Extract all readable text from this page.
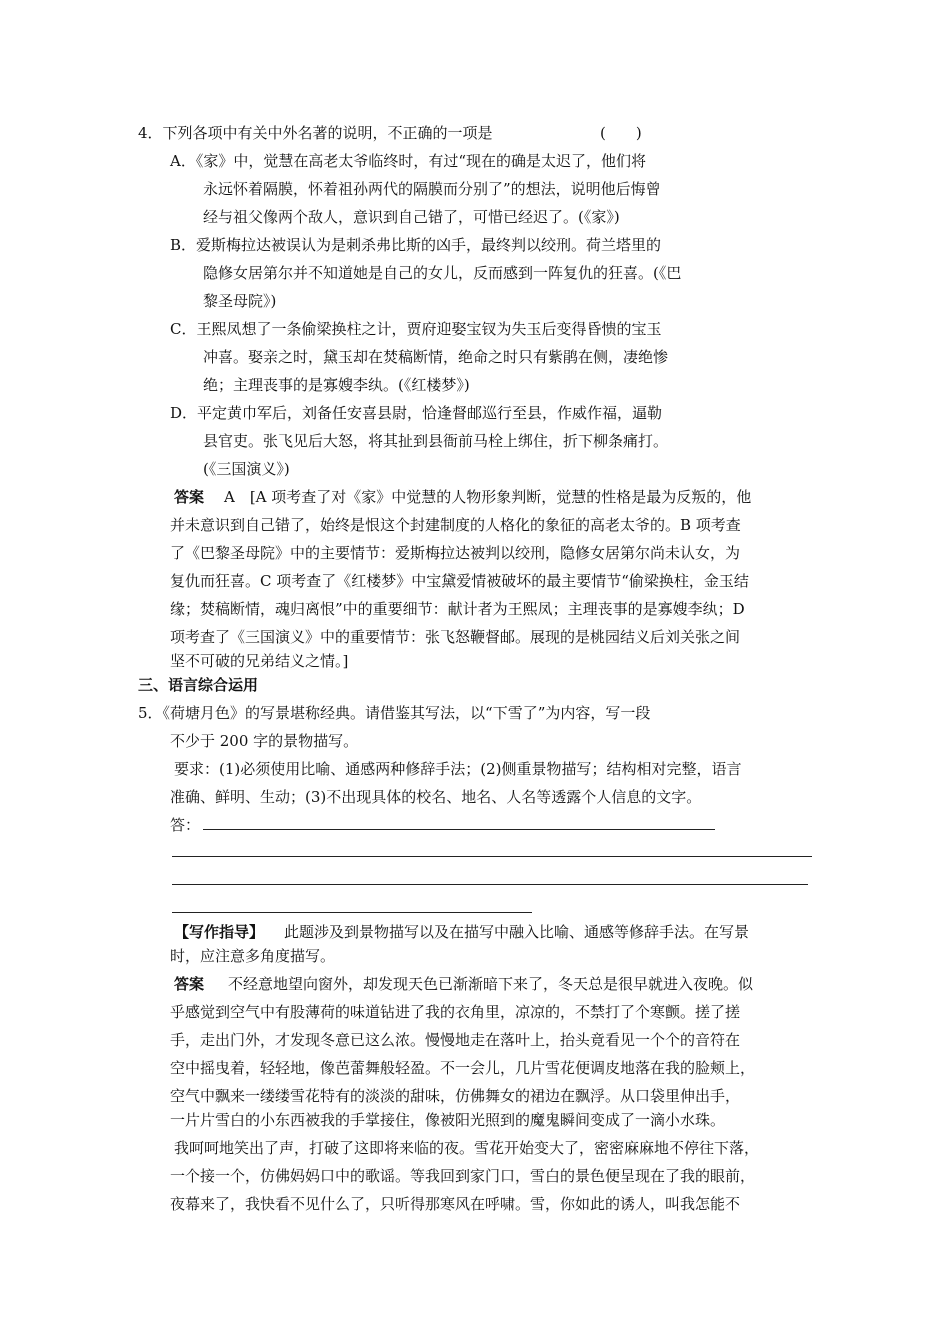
4．下列各项中有关中外名著的说明，不正确的一项是	(　　)
A．《家》中，觉慧在高老太爷临终时，有过“现在的确是太迟了，他们将
永远怀着隔膜，怀着祖孙两代的隔膜而分别了”的想法，说明他后悔曾
经与祖父像两个敌人，意识到自己错了，可惜已经迟了。(《家》)
B．爱斯梅拉达被误认为是刺杀弗比斯的凶手，最终判以绞刑。荷兰塔里的
隐修女居第尔并不知道她是自己的女儿，反而感到一阵复仇的狂喜。(《巴
黎圣母院》)
C．王熙凤想了一条偷梁换柱之计，贾府迎娶宝钗为失玉后变得昏愦的宝玉
冲喜。娶亲之时，黛玉却在焚稿断情，绝命之时只有紫鹃在侧，凄绝惨
绝；主理丧事的是寡嫂李纨。(《红楼梦》)
D．平定黄巾军后，刘备任安喜县尉，恰逢督邮巡行至县，作威作福，逼勒
县官吏。张飞见后大怒，将其扯到县衙前马栓上绑住，折下柳条痛打。
(《三国演义》)
答案 A　[A 项考查了对《家》中觉慧的人物形象判断，觉慧的性格是最为反叛的，他
并未意识到自己错了，始终是恨这个封建制度的人格化的象征的高老太爷的。B 项考查
了《巴黎圣母院》中的主要情节：爱斯梅拉达被判以绞刑，隐修女居第尔尚未认女，为
复仇而狂喜。C 项考查了《红楼梦》中宝黛爱情被破坏的最主要情节“偷梁换柱，金玉结
缘；焚稿断情，魂归离恨”中的重要细节：献计者为王熙凤；主理丧事的是寡嫂李纨；D
项考查了《三国演义》中的重要情节：张飞怒鞭督邮。展现的是桃园结义后刘关张之间
坚不可破的兄弟结义之情。]
三、语言综合运用
5．《荷塘月色》的写景堪称经典。请借鉴其写法，以“下雪了”为内容，写一段
不少于 200 字的景物描写。
要求：(1)必须使用比喻、通感两种修辞手法；(2)侧重景物描写；结构相对完整，语言
准确、鲜明、生动；(3)不出现具体的校名、地名、人名等透露个人信息的文字。
答：
【写作指导】 此题涉及到景物描写以及在描写中融入比喻、通感等修辞手法。在写景
时，应注意多角度描写。
答案 不经意地望向窗外，却发现天色已渐渐暗下来了，冬天总是很早就进入夜晚。似
乎感觉到空气中有股薄荷的味道钻进了我的衣角里，凉凉的，不禁打了个寒颤。搓了搓
手，走出门外，才发现冬意已这么浓。慢慢地走在落叶上，抬头竟看见一个个的音符在
空中摇曳着，轻轻地，像芭蕾舞般轻盈。不一会儿，几片雪花便调皮地落在我的脸颊上，
空气中飘来一缕缕雪花特有的淡淡的甜味，仿佛舞女的裙边在飘浮。从口袋里伸出手，
一片片雪白的小东西被我的手掌接住，像被阳光照到的魔鬼瞬间变成了一滴小水珠。
我呵呵地笑出了声，打破了这即将来临的夜。雪花开始变大了，密密麻麻地不停往下落，
一个接一个，仿佛妈妈口中的歌谣。等我回到家门口，雪白的景色便呈现在了我的眼前，
夜幕来了，我快看不见什么了，只听得那寒风在呼啸。雪，你如此的诱人，叫我怎能不
